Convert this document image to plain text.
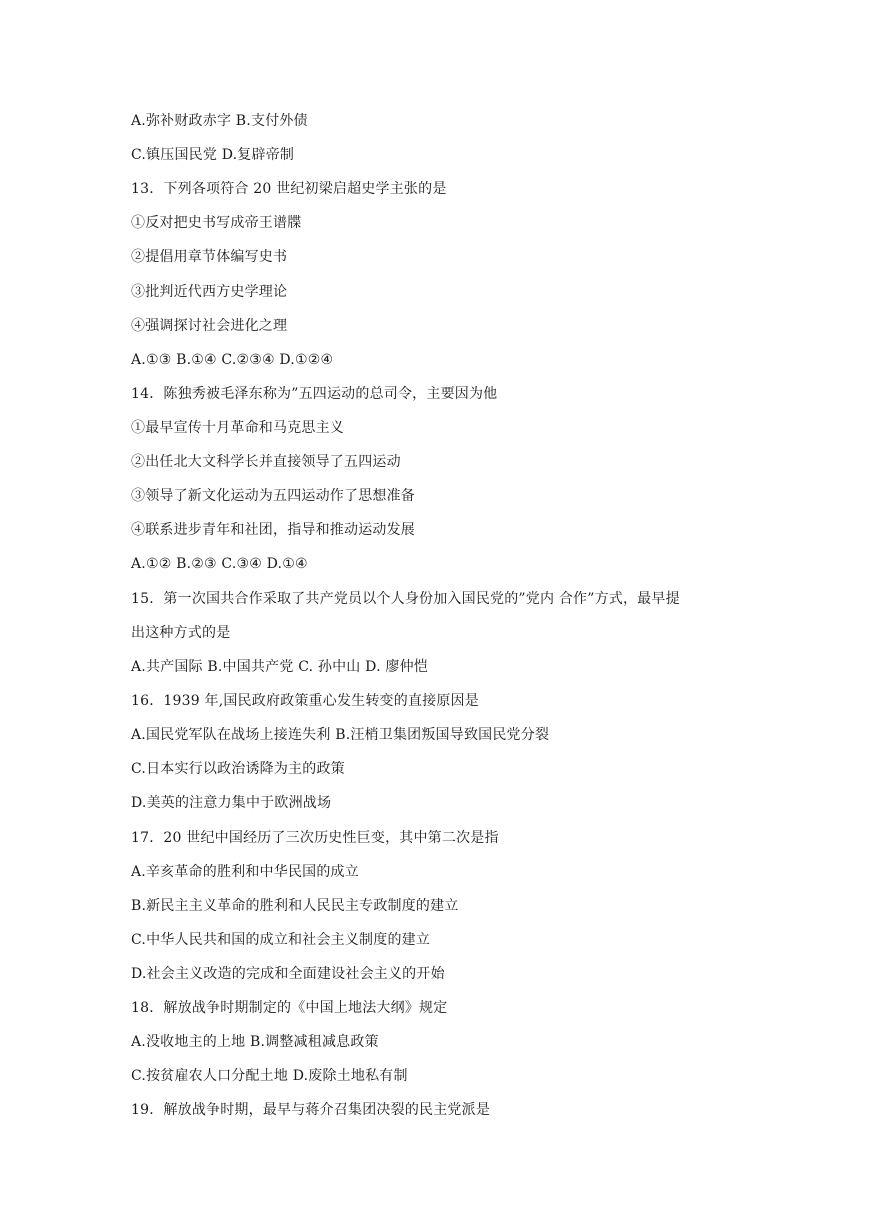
A.弥补财政赤字 B.支付外债
C.镇压国民党 D.复辟帝制
13．下列各项符合 20 世纪初梁启超史学主张的是
①反对把史书写成帝王谱牒
②提倡用章节体编写史书
③批判近代西方史学理论
④强调探讨社会进化之理
A.①③ B.①④ C.②③④ D.①②④
14．陈独秀被毛泽东称为”五四运动的总司令，主要因为他
①最早宣传十月革命和马克思主义
②出任北大文科学长并直接领导了五四运动
③领导了新文化运动为五四运动作了思想准备
④联系进步青年和社团，指导和推动运动发展
A.①② B.②③ C.③④ D.①④
15．第一次国共合作采取了共产党员以个人身份加入国民党的”党内 合作”方式，最早提
出这种方式的是
A.共产国际 B.中国共产党 C. 孙中山 D. 廖仲恺
16．1939 年,国民政府政策重心发生转变的直接原因是
A.国民党军队在战场上接连失利 B.汪梢卫集团叛国导致国民党分裂
C.日本实行以政治诱降为主的政策
D.美英的注意力集中于欧洲战场
17．20 世纪中国经历了三次历史性巨变，其中第二次是指
A.辛亥革命的胜利和中华民国的成立
B.新民主主义革命的胜利和人民民主专政制度的建立
C.中华人民共和国的成立和社会主义制度的建立
D.社会主义改造的完成和全面建设社会主义的开始
18．解放战争时期制定的《中国上地法大纲》规定
A.没收地主的上地 B.调整减租减息政策
C.按贫雇农人口分配土地 D.废除土地私有制
19．解放战争时期，最早与蒋介召集团决裂的民主党派是
